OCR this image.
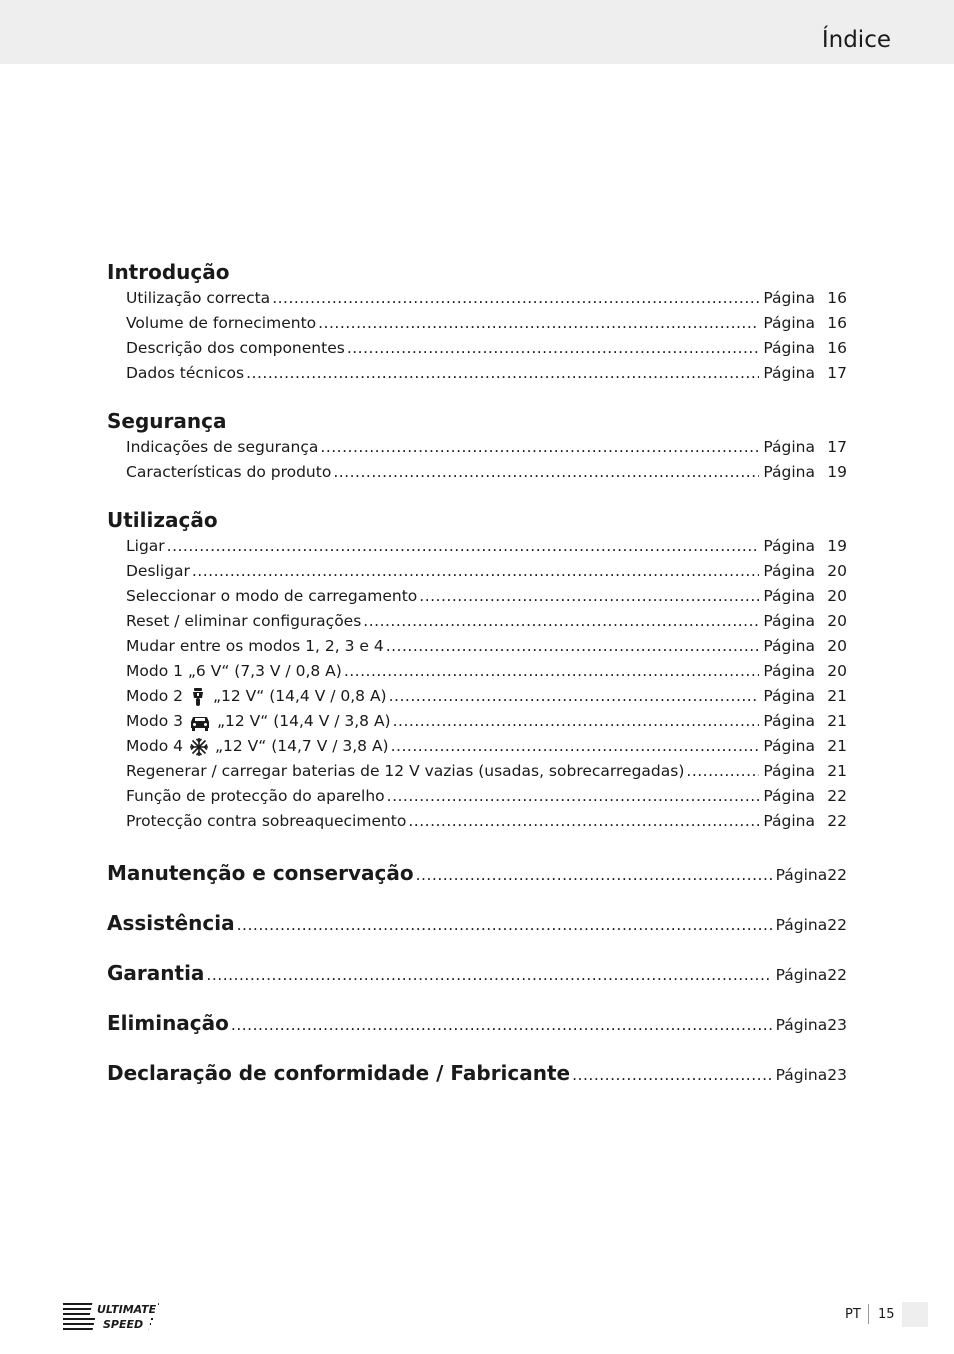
Índice
Introdução
Utilização correcta .....	Página 16
Volume de fornecimento .....	Página 16
Descrição dos componentes .....	Página 16
Dados técnicos .....	Página 17
Segurança
Indicações de segurança .....	Página 17
Características do produto .....	Página 19
Utilização
Ligar .....	Página 19
Desligar .....	Página 20
Seleccionar o modo de carregamento .....	Página 20
Reset / eliminar configurações .....	Página 20
Mudar entre os modos 1, 2, 3 e 4 .....	Página 20
Modo 1 „6 V“ (7,3 V / 0,8 A) .....	Página 20
Modo 2 „12 V“ (14,4 V / 0,8 A) .....	Página 21
Modo 3 „12 V“ (14,4 V / 3,8 A) .....	Página 21
Modo 4 „12 V“ (14,7 V / 3,8 A) .....	Página 21
Regenerar / carregar baterias de 12 V vazias (usadas, sobrecarregadas) .....	Página 21
Função de protecção do aparelho .....	Página 22
Protecção contra sobreaquecimento .....	Página 22
Manutenção e conservação .....	Página 22
Assistência .....	Página 22
Garantia .....	Página 22
Eliminação .....	Página 23
Declaração de conformidade / Fabricante .....	Página 23
ULTIMATE
SPEED
PT 15
